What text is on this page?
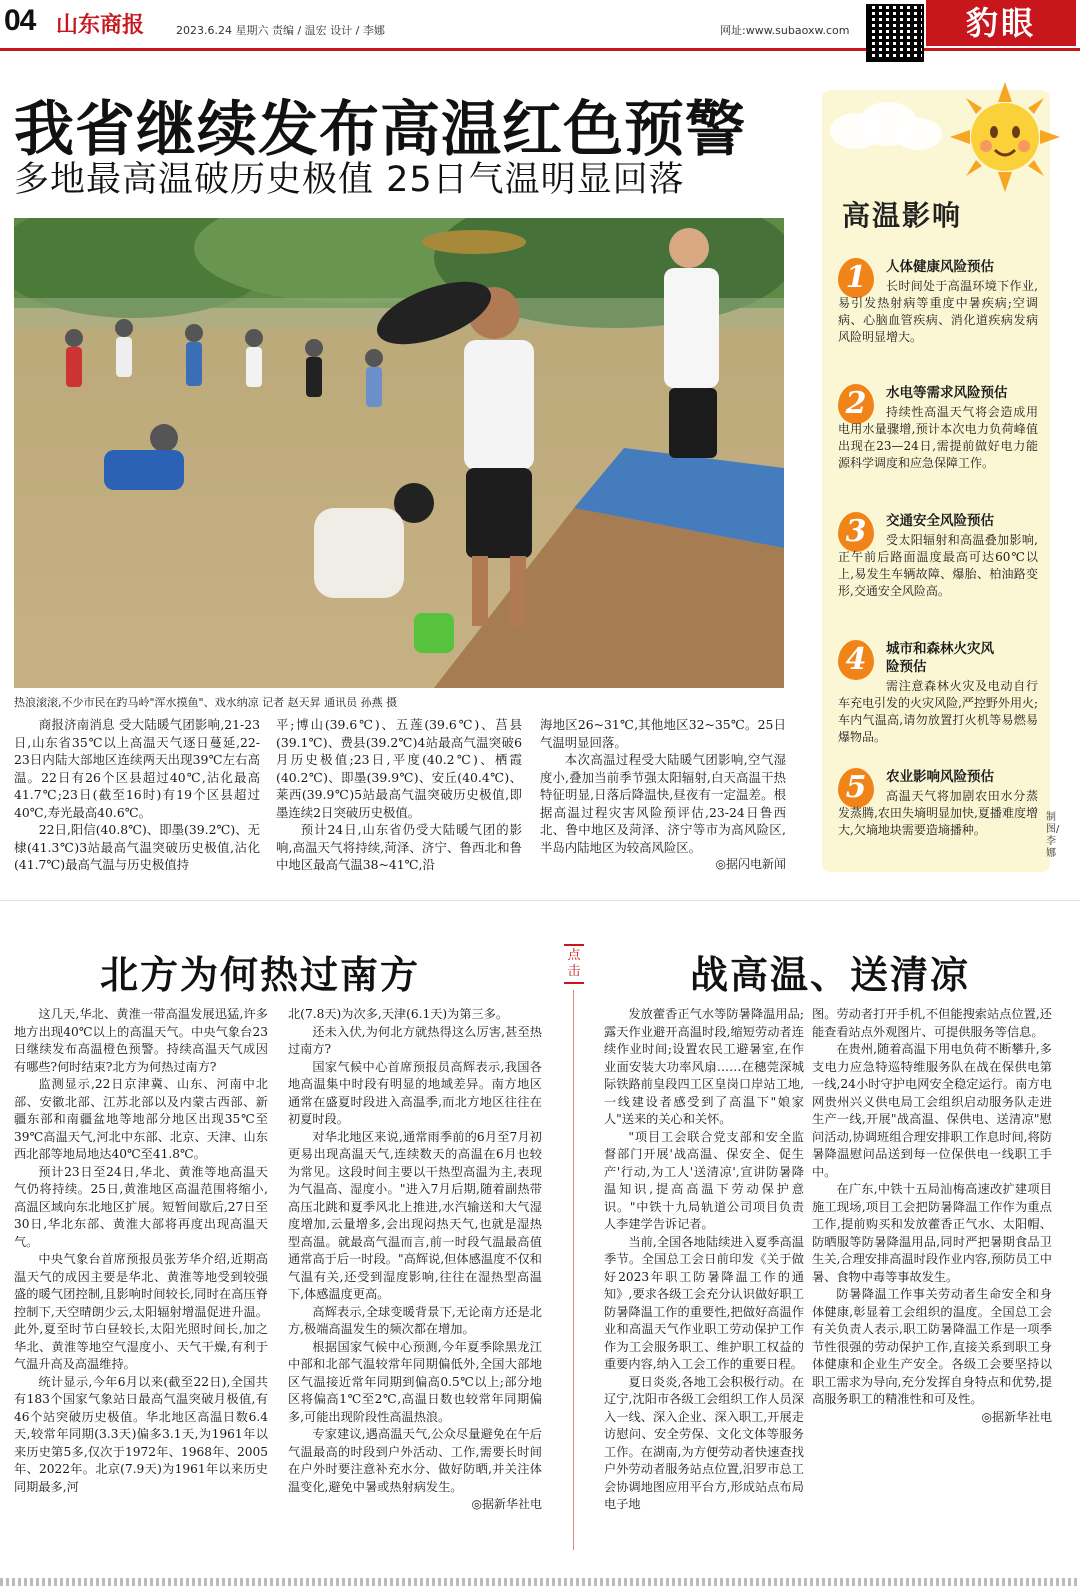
04 山东商报	2023.6.24 星期六 责编 / 温宏 设计 / 李娜	网址:www.subaoxw.com	豹眼
我省继续发布高温红色预警
多地最高温破历史极值 25日气温明显回落
热浪滚滚,不少市民在趵马岭"浑水摸鱼"、戏水纳凉 记者 赵天昇 通讯员 孙燕 摄

商报济南消息 受大陆暖气团影响,21-23日,山东省35℃以上高温天气逐日蔓延,22-23日内陆大部地区连续两天出现39℃左右高温。22日有26个区县超过40℃,沾化最高41.7℃;23日(截至16时)有19个区县超过40℃,寿光最高40.6℃。

22日,阳信(40.8℃)、即墨(39.2℃)、无棣(41.3℃)3站最高气温突破历史极值,沾化(41.7℃)最高气温与历史极值持

平;博山(39.6℃)、五莲(39.6℃)、莒县(39.1℃)、费县(39.2℃)4站最高气温突破6月历史极值;23日,平度(40.2℃)、栖霞(40.2℃)、即墨(39.9℃)、安丘(40.4℃)、莱西(39.9℃)5站最高气温突破历史极值,即墨连续2日突破历史极值。

预计24日,山东省仍受大陆暖气团的影响,高温天气将持续,菏泽、济宁、鲁西北和鲁中地区最高气温38~41℃,沿

海地区26~31℃,其他地区32~35℃。25日气温明显回落。

本次高温过程受大陆暖气团影响,空气湿度小,叠加当前季节强太阳辐射,白天高温干热特征明显,日落后降温快,昼夜有一定温差。根据高温过程灾害风险预评估,23-24日鲁西北、鲁中地区及菏泽、济宁等市为高风险区,半岛内陆地区为较高风险区。

◎据闪电新闻

高温影响
1	人体健康风险预估
长时间处于高温环境下作业,易引发热射病等重度中暑疾病;空调病、心脑血管疾病、消化道疾病发病风险明显增大。
2	水电等需求风险预估
持续性高温天气将会造成用电用水量骤增,预计本次电力负荷峰值出现在23—24日,需提前做好电力能源科学调度和应急保障工作。
3	交通安全风险预估
受太阳辐射和高温叠加影响,正午前后路面温度最高可达60℃以上,易发生车辆故障、爆胎、柏油路变形,交通安全风险高。
4	城市和森林火灾风险预估
需注意森林火灾及电动自行车充电引发的火灾风险,严控野外用火;车内气温高,请勿放置打火机等易燃易爆物品。
5	农业影响风险预估
高温天气将加剧农田水分蒸发蒸腾,农田失墒明显加快,夏播难度增大,欠墒地块需要造墒播种。
制图/李娜
北方为何热过南方

这几天,华北、黄淮一带高温发展迅猛,许多地方出现40℃以上的高温天气。中央气象台23日继续发布高温橙色预警。持续高温天气成因有哪些?何时结束?北方为何热过南方?

监测显示,22日京津冀、山东、河南中北部、安徽北部、江苏北部以及内蒙古西部、新疆东部和南疆盆地等地部分地区出现35℃至39℃高温天气,河北中东部、北京、天津、山东西北部等地局地达40℃至41.8℃。

预计23日至24日,华北、黄淮等地高温天气仍将持续。25日,黄淮地区高温范围将缩小,高温区域向东北地区扩展。短暂间歇后,27日至30日,华北东部、黄淮大部将再度出现高温天气。

中央气象台首席预报员张芳华介绍,近期高温天气的成因主要是华北、黄淮等地受到较强盛的暖气团控制,且影响时间较长,同时在高压脊控制下,天空晴朗少云,太阳辐射增温促进升温。此外,夏至时节白昼较长,太阳光照时间长,加之华北、黄淮等地空气湿度小、天气干燥,有利于气温升高及高温维持。

统计显示,今年6月以来(截至22日),全国共有183个国家气象站日最高气温突破月极值,有46个站突破历史极值。华北地区高温日数6.4天,较常年同期(3.3天)偏多3.1天,为1961年以来历史第5多,仅次于1972年、1968年、2005年、2022年。北京(7.9天)为1961年以来历史同期最多,河

北(7.8天)为次多,天津(6.1天)为第三多。

还未入伏,为何北方就热得这么厉害,甚至热过南方?

国家气候中心首席预报员高辉表示,我国各地高温集中时段有明显的地域差异。南方地区通常在盛夏时段进入高温季,而北方地区往往在初夏时段。

对华北地区来说,通常雨季前的6月至7月初更易出现高温天气,连续数天的高温在6月也较为常见。这段时间主要以干热型高温为主,表现为气温高、湿度小。"进入7月后期,随着副热带高压北跳和夏季风北上推进,水汽输送和大气湿度增加,云量增多,会出现闷热天气,也就是湿热型高温。就最高气温而言,前一时段气温最高值通常高于后一时段。"高辉说,但体感温度不仅和气温有关,还受到湿度影响,往往在湿热型高温下,体感温度更高。

高辉表示,全球变暖背景下,无论南方还是北方,极端高温发生的频次都在增加。

根据国家气候中心预测,今年夏季除黑龙江中部和北部气温较常年同期偏低外,全国大部地区气温接近常年同期到偏高0.5℃以上;部分地区将偏高1℃至2℃,高温日数也较常年同期偏多,可能出现阶段性高温热浪。

专家建议,遇高温天气,公众尽量避免在午后气温最高的时段到户外活动、工作,需要长时间在户外时要注意补充水分、做好防晒,并关注体温变化,避免中暑或热射病发生。

◎据新华社电

点击	战高温、送清凉

发放藿香正气水等防暑降温用品;露天作业避开高温时段,缩短劳动者连续作业时间;设置农民工避暑室,在作业面安装大功率风扇……在穗莞深城际铁路前皇段四工区皇岗口岸站工地,一线建设者感受到了高温下"娘家人"送来的关心和关怀。

"项目工会联合党支部和安全监督部门开展'战高温、保安全、促生产'行动,为工人'送清凉',宣讲防暑降温知识,提高高温下劳动保护意识。"中铁十九局轨道公司项目负责人李建学告诉记者。

当前,全国各地陆续进入夏季高温季节。全国总工会日前印发《关于做好2023年职工防暑降温工作的通知》,要求各级工会充分认识做好职工防暑降温工作的重要性,把做好高温作业和高温天气作业职工劳动保护工作作为工会服务职工、维护职工权益的重要内容,纳入工会工作的重要日程。

夏日炎炎,各地工会积极行动。在辽宁,沈阳市各级工会组织工作人员深入一线、深入企业、深入职工,开展走访慰问、安全劳保、文化文体等服务工作。在湖南,为方便劳动者快速查找户外劳动者服务站点位置,汨罗市总工会协调地图应用平台方,形成站点布局电子地

图。劳动者打开手机,不但能搜索站点位置,还能查看站点外观图片、可提供服务等信息。

在贵州,随着高温下用电负荷不断攀升,多支电力应急特巡特维服务队在战在保供电第一线,24小时守护电网安全稳定运行。南方电网贵州兴义供电局工会组织启动服务队走进生产一线,开展"战高温、保供电、送清凉"慰问活动,协调班组合理安排职工作息时间,将防暑降温慰问品送到每一位保供电一线职工手中。

在广东,中铁十五局汕梅高速改扩建项目施工现场,项目工会把防暑降温工作作为重点工作,提前购买和发放藿香正气水、太阳帽、防晒服等防暑降温用品,同时严把暑期食品卫生关,合理安排高温时段作业内容,预防员工中暑、食物中毒等事故发生。

防暑降温工作事关劳动者生命安全和身体健康,彰显着工会组织的温度。全国总工会有关负责人表示,职工防暑降温工作是一项季节性很强的劳动保护工作,直接关系到职工身体健康和企业生产安全。各级工会要坚持以职工需求为导向,充分发挥自身特点和优势,提高服务职工的精准性和可及性。

◎据新华社电
